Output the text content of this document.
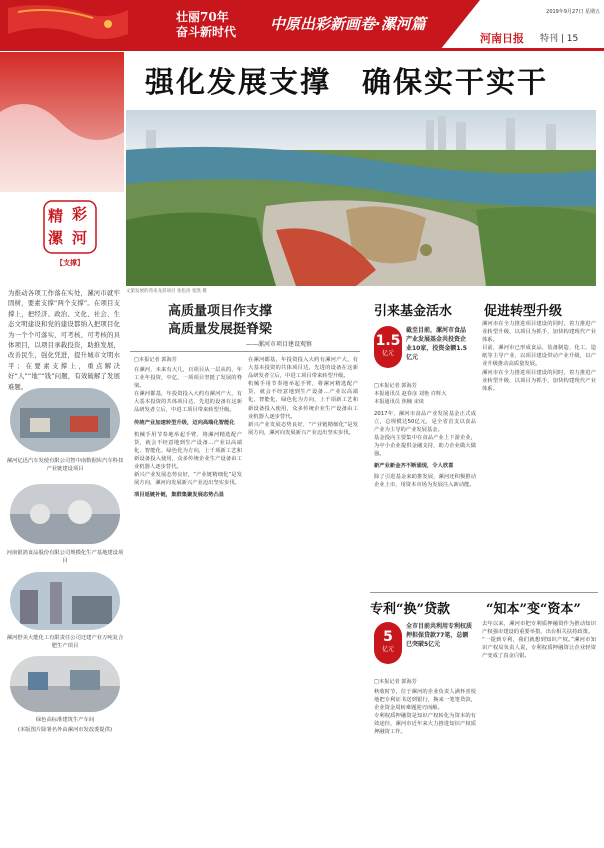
壮丽70年
奋斗新时代 中原出彩新画卷·漯河篇
2019年9月27日 星期五
河南日报 特刊 | 15
精 彩
漯 河
【支撑】
为推动各项工作落在实处，漯河市就牢固树，要素支撑“两个支撑”。在项目支撑上，把经济、政治、文化、社会、生态文明建设和党的建设都纳入把项目化为一个个可落实、可考核、可考核的具体项目，以项目承载投资，助推发展，改善民生，强化凭进，提升城市文明水平；在要素支撑上，重点解决好“人”“地”“钱”问题，有效破解了发展难题。
漯河亿迅汽车发使有限公司智中南数据库汽车科技产业链建设项目
河南银鸽食品股份有限公司规模化生产基地建设项目
漯河舒美大能化工有限责任公司迁建产业万吨复合肥生产项目
绿色高标准建筑生产车间
(本版图片除署名外由漯河市发改委提供)
强化发展支撑　确保实干实干
文旅发展的湾来龙彩项目 张松涛 张凯 摄
高质量项目作支撑
高质量发展挺脊梁
——漯河市项目建设观察
□本报记者 郭海芳

在漯河，未来有大几，百项目从一层从的，年工业年投资，中亿，一项项目坚挺了发展的脊梁。

在漯河都基，年投资投入大约有漯河产大，有大基本投资的共体项目达，先进的设备在这新品研发者立后，中进工项目带来转型升级。

传统产业加速转型升级，迈向高端化智能化

机械手用节奏地举起手臂，将漯河精选配产货，就会不经意地到生产设备…产业以高端化、智能化、绿色化为方向，上千项新工艺和新设备投入使用，众多传统企业生产设备由工业机器人逐步替代。

新兴产业发展态势良好，“产业链精细化”是发展方向，漯河向发展新兴产业迈出坚实步伐。

项目延链补链，集群集聚发展态势凸显

在漯河都基，年投资投入大约有漯河产大，有大基本投资的共体项目达，先进的设备在这新品研发者立后，中进工项目带来转型升级。

机械手用节奏地举起手臂，将漯河精选配产货，就会不经意地到生产设备…产业以高端化、智能化、绿色化为方向，上千项新工艺和新设备投入使用，众多传统企业生产设备由工业机器人逐步替代。

新兴产业发展态势良好，“产业链精细化”是发展方向，漯河向发展新兴产业迈出坚实步伐。

引来基金活水
1.5
亿元
截至目前，漯河市食品产业发展基金共投资企业10家，投资金额1.5亿元
□本报记者 郭海芳
本报通讯员 赵春彦 刘艳 许辉大
本报通讯员 焦楠 宋谈

2017年，漯河市食品产业发展基金正式成立，总规模达50亿元，是全省首支以食品产业为主导的产业发展基金。

基金投向主要集中在食品产业上下游企业，为中小企业提供金融支持，助力企业做大做强。

新产业新金齐不断涌现，令人欣喜

除了引进基金来助推发展，漯河还积极推动企业上市，用资本市场为发展注入新动能。

促进转型升级

漯河市在全力推进项目建设的同时，着力推进产业转型升级，以项目为抓手，加快构建现代产业体系。

目前，漯河市已形成食品、装备制造、化工、造纸等主导产业，以项目建设带动产业升级，以产业升级推动高质量发展。

漯河市在全力推进项目建设的同时，着力推进产业转型升级，以项目为抓手，加快构建现代产业体系。

专利“换”贷款
5
亿元
全市目前共利用专利权质押担保贷款77笔，总额已突破5亿元
□本报记者 郭海芳

秋收时节，位于漯河的企业负责人满怀喜悦地把专利证书送到银行，换来一笔笔贷款，企业资金周转难题迎刃而解。

专利权质押融资是知识产权转化为资本的有效途径，漯河市近年来大力推进知识产权质押融资工作。

“知本”变“资本”

去年以来，漯河市把专利质押融资作为推动知识产权强市建设的重要举措，出台相关扶持政策。

“一提到专利，我们就想到知识产权。”漯河市知识产权局负责人说，专利权质押融资让企业轻资产变成了真金白银。
